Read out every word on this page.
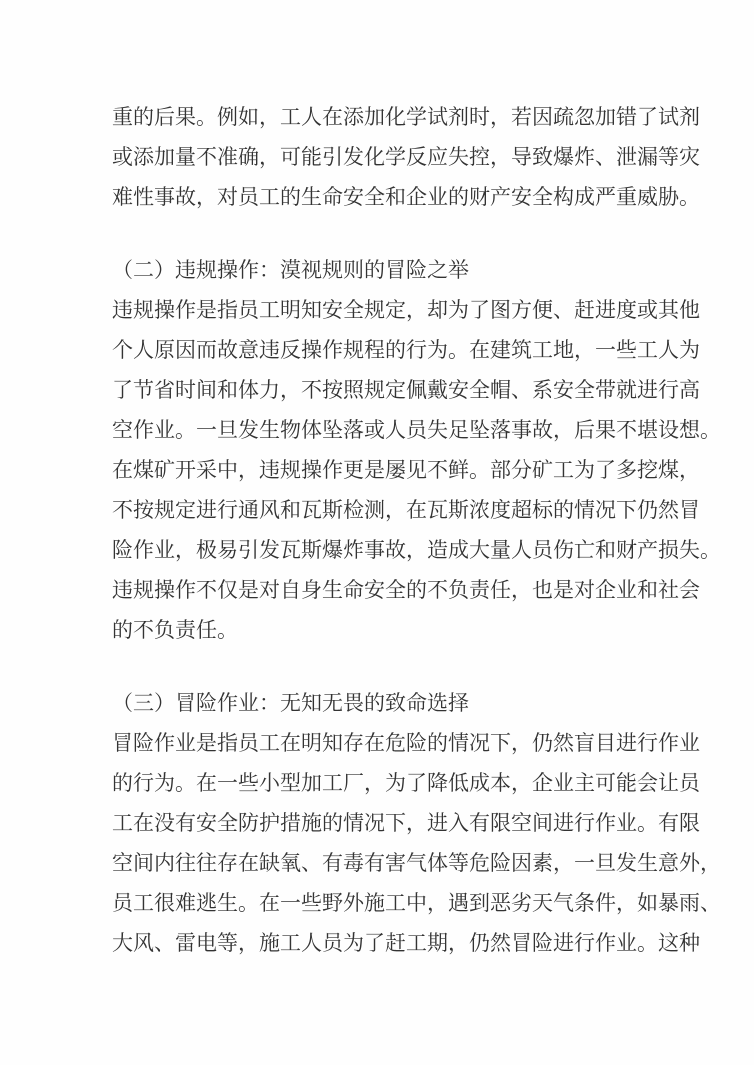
重的后果。例如，工人在添加化学试剂时，若因疏忽加错了试剂
或添加量不准确，可能引发化学反应失控，导致爆炸、泄漏等灾
难性事故，对员工的生命安全和企业的财产安全构成严重威胁。
（二）违规操作：漠视规则的冒险之举
违规操作是指员工明知安全规定，却为了图方便、赶进度或其他
个人原因而故意违反操作规程的行为。在建筑工地，一些工人为
了节省时间和体力，不按照规定佩戴安全帽、系安全带就进行高
空作业。一旦发生物体坠落或人员失足坠落事故，后果不堪设想。
在煤矿开采中，违规操作更是屡见不鲜。部分矿工为了多挖煤，
不按规定进行通风和瓦斯检测，在瓦斯浓度超标的情况下仍然冒
险作业，极易引发瓦斯爆炸事故，造成大量人员伤亡和财产损失。
违规操作不仅是对自身生命安全的不负责任，也是对企业和社会
的不负责任。
（三）冒险作业：无知无畏的致命选择
冒险作业是指员工在明知存在危险的情况下，仍然盲目进行作业
的行为。在一些小型加工厂，为了降低成本，企业主可能会让员
工在没有安全防护措施的情况下，进入有限空间进行作业。有限
空间内往往存在缺氧、有毒有害气体等危险因素，一旦发生意外，
员工很难逃生。在一些野外施工中，遇到恶劣天气条件，如暴雨、
大风、雷电等，施工人员为了赶工期，仍然冒险进行作业。这种
